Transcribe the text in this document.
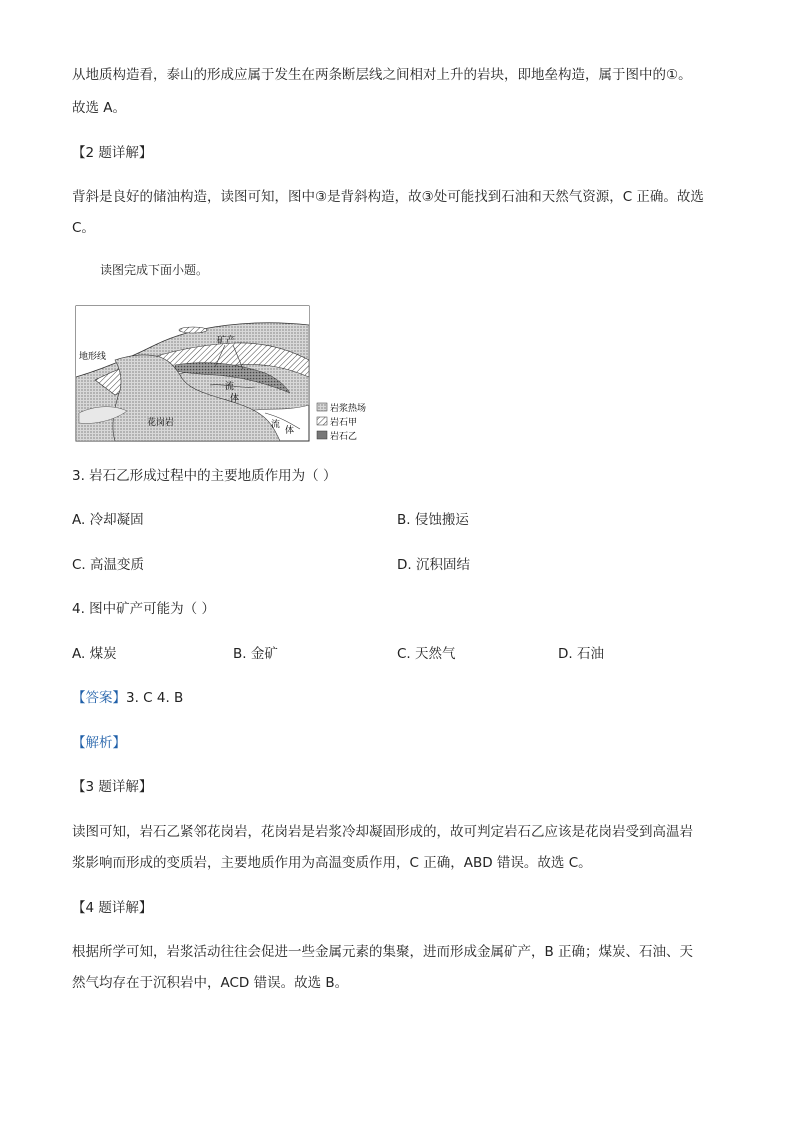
从地质构造看，泰山的形成应属于发生在两条断层线之间相对上升的岩块，即地垒构造，属于图中的①。
故选 A。
【2 题详解】
背斜是良好的储油构造，读图可知，图中③是背斜构造，故③处可能找到石油和天然气资源，C 正确。故选
C。
读图完成下面小题。
地形线
矿产
流
体
花岗岩	流
体
岩浆热场
岩石甲
岩石乙
3. 岩石乙形成过程中的主要地质作用为（ ）
A. 冷却凝固	B. 侵蚀搬运
C. 高温变质	D. 沉积固结
4. 图中矿产可能为（ ）
A. 煤炭	B. 金矿	C. 天然气	D. 石油
【答案】3. C 4. B
【解析】
【3 题详解】
读图可知，岩石乙紧邻花岗岩，花岗岩是岩浆冷却凝固形成的，故可判定岩石乙应该是花岗岩受到高温岩
浆影响而形成的变质岩，主要地质作用为高温变质作用，C 正确，ABD 错误。故选 C。
【4 题详解】
根据所学可知，岩浆活动往往会促进一些金属元素的集聚，进而形成金属矿产，B 正确；煤炭、石油、天
然气均存在于沉积岩中，ACD 错误。故选 B。
